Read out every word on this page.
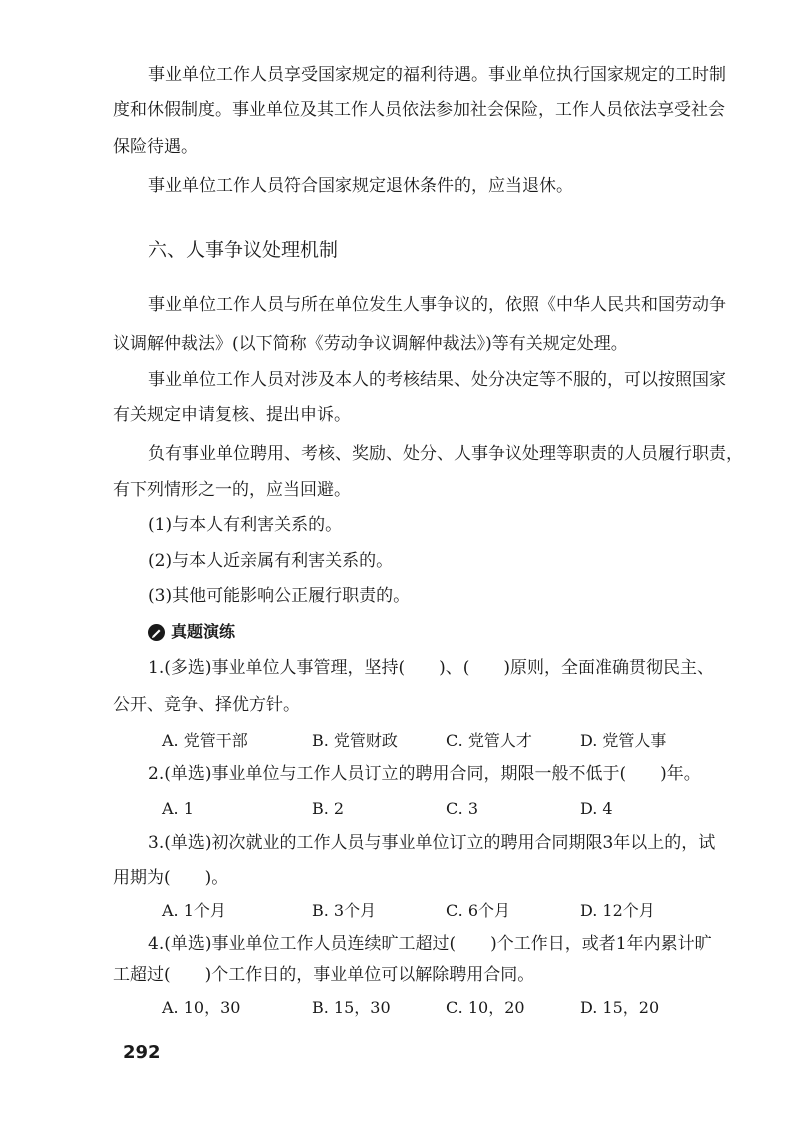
事业单位工作人员享受国家规定的福利待遇。事业单位执行国家规定的工时制
度和休假制度。事业单位及其工作人员依法参加社会保险，工作人员依法享受社会
保险待遇。
事业单位工作人员符合国家规定退休条件的，应当退休。
六、人事争议处理机制
事业单位工作人员与所在单位发生人事争议的，依照《中华人民共和国劳动争
议调解仲裁法》(以下简称《劳动争议调解仲裁法》)等有关规定处理。
事业单位工作人员对涉及本人的考核结果、处分决定等不服的，可以按照国家
有关规定申请复核、提出申诉。
负有事业单位聘用、考核、奖励、处分、人事争议处理等职责的人员履行职责，
有下列情形之一的，应当回避。
(1)与本人有利害关系的。
(2)与本人近亲属有利害关系的。
(3)其他可能影响公正履行职责的。
真题演练
1.(多选)事业单位人事管理，坚持(　　)、(　　)原则，全面准确贯彻民主、
公开、竞争、择优方针。
A. 党管干部	B. 党管财政	C. 党管人才	D. 党管人事
2.(单选)事业单位与工作人员订立的聘用合同，期限一般不低于(　　)年。
A. 1	B. 2	C. 3	D. 4
3.(单选)初次就业的工作人员与事业单位订立的聘用合同期限3年以上的，试
用期为(　　)。
A. 1个月	B. 3个月	C. 6个月	D. 12个月
4.(单选)事业单位工作人员连续旷工超过(　　)个工作日，或者1年内累计旷
工超过(　　)个工作日的，事业单位可以解除聘用合同。
A. 10，30	B. 15，30	C. 10，20	D. 15，20
292
